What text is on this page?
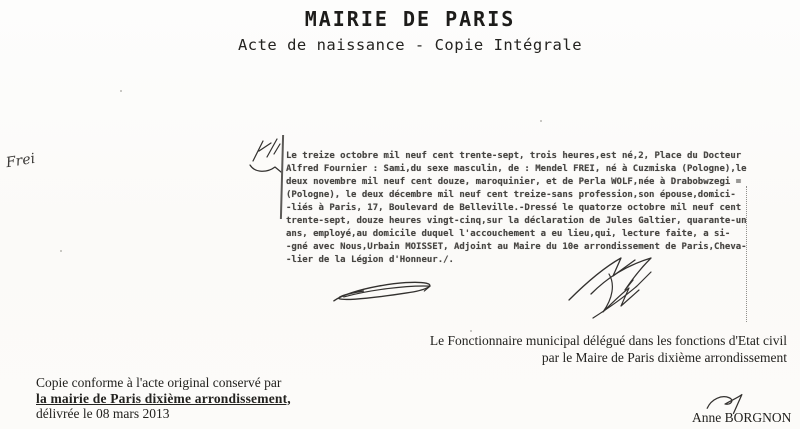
MAIRIE DE PARIS
Acte de naissance - Copie Intégrale
Frei	Le treize octobre mil neuf cent trente-sept, trois heures,est né,2, Place du Docteur
Alfred Fournier : Sami,du sexe masculin, de : Mendel FREI, né à Cuzmiska (Pologne),le
deux novembre mil neuf cent douze, maroquinier, et de Perla WOLF,née à Drabobwzegi =
(Pologne), le deux décembre mil neuf cent treize-sans profession,son épouse,domici-
-liés à Paris, 17, Boulevard de Belleville.-Dressé le quatorze octobre mil neuf cent
trente-sept, douze heures vingt-cinq,sur la déclaration de Jules Galtier, quarante-un
ans, employé,au domicile duquel l'accouchement a eu lieu,qui, lecture faite, a si-
-gné avec Nous,Urbain MOISSET, Adjoint au Maire du 10e arrondissement de Paris,Cheva-
-lier de la Légion d'Honneur./.
Le Fonctionnaire municipal délégué dans les fonctions d'Etat civil
par le Maire de Paris dixième arrondissement
Copie conforme à l'acte original conservé par
la mairie de Paris dixième arrondissement,
délivrée le 08 mars 2013	Anne BORGNON
